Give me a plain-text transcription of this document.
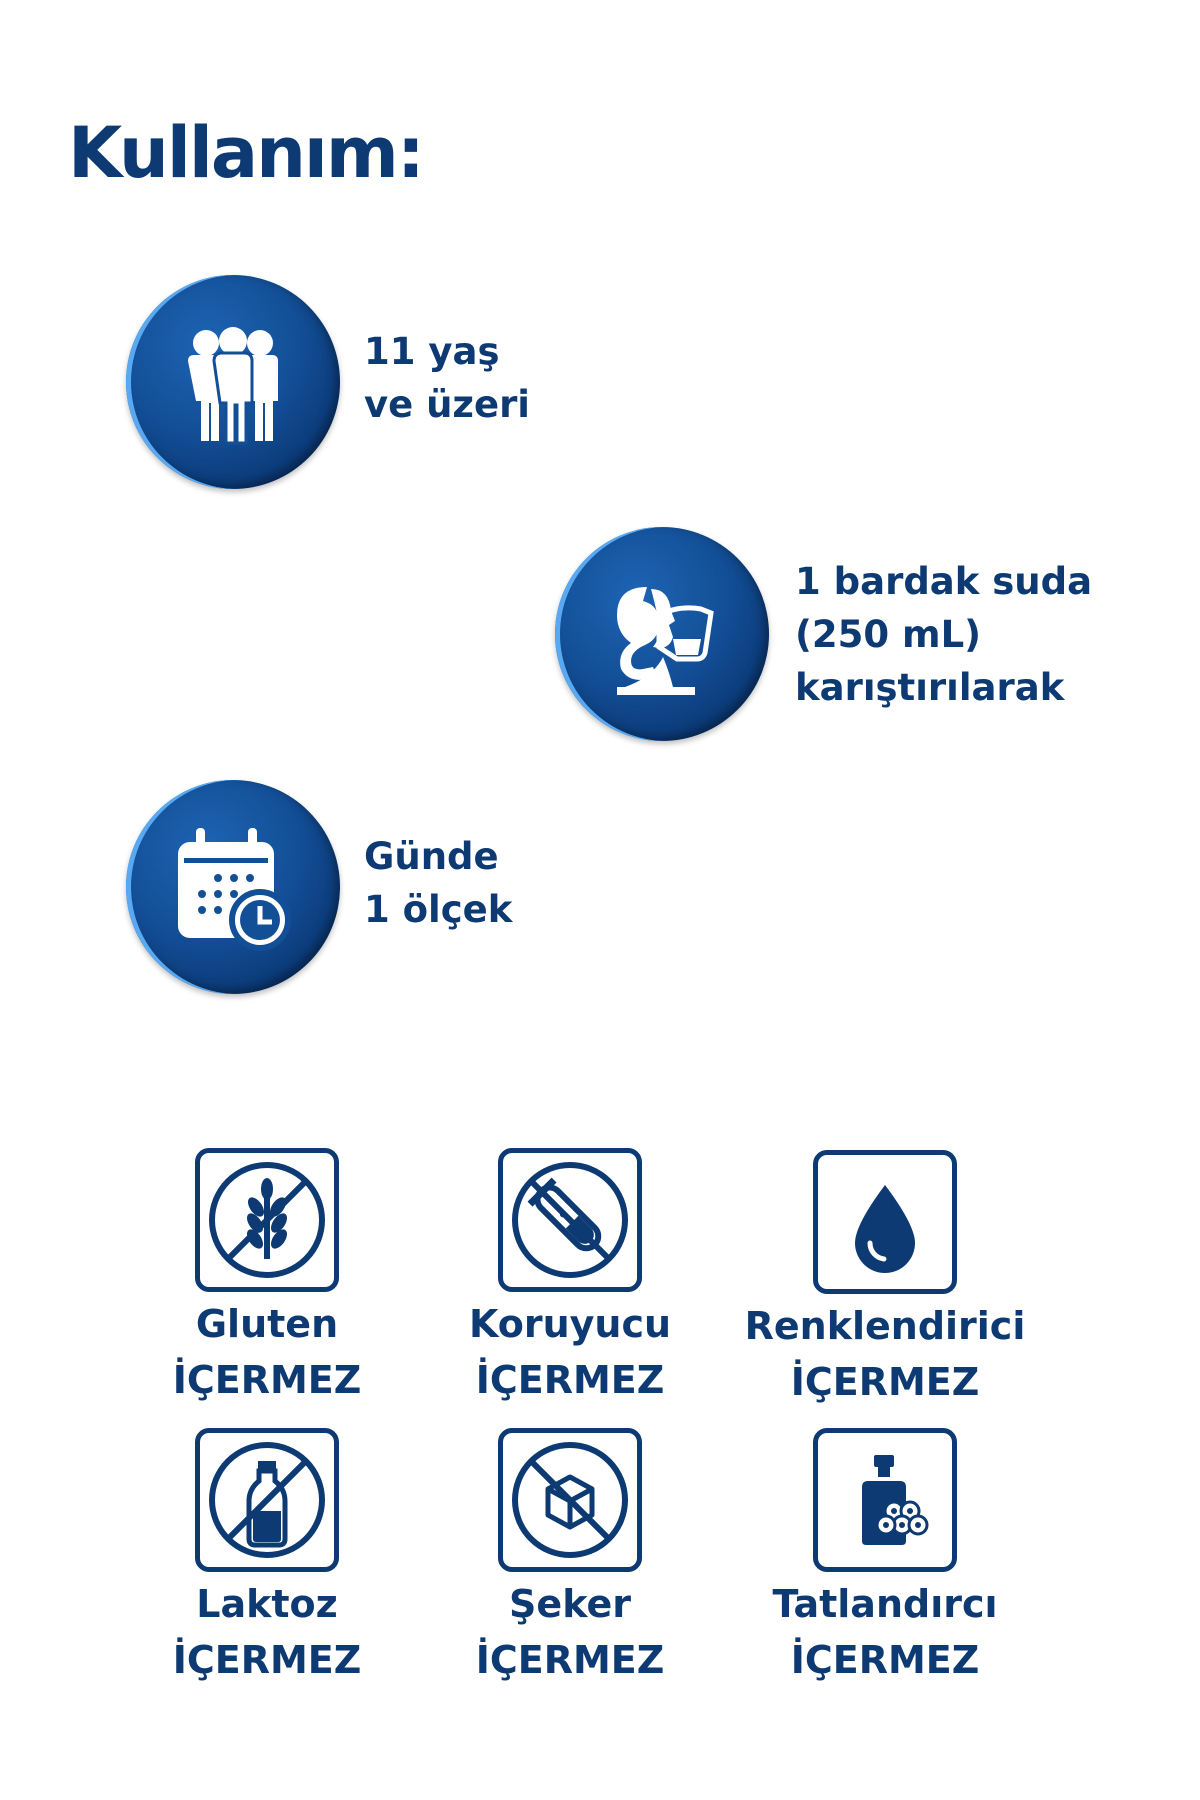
Kullanım:
11 yaş
ve üzeri
1 bardak suda
(250 mL)
karıştırılarak
Günde
1 ölçek
Gluten
İÇERMEZ
Koruyucu
İÇERMEZ
Renklendirici
İÇERMEZ
Laktoz
İÇERMEZ
Şeker
İÇERMEZ
Tatlandırcı
İÇERMEZ
